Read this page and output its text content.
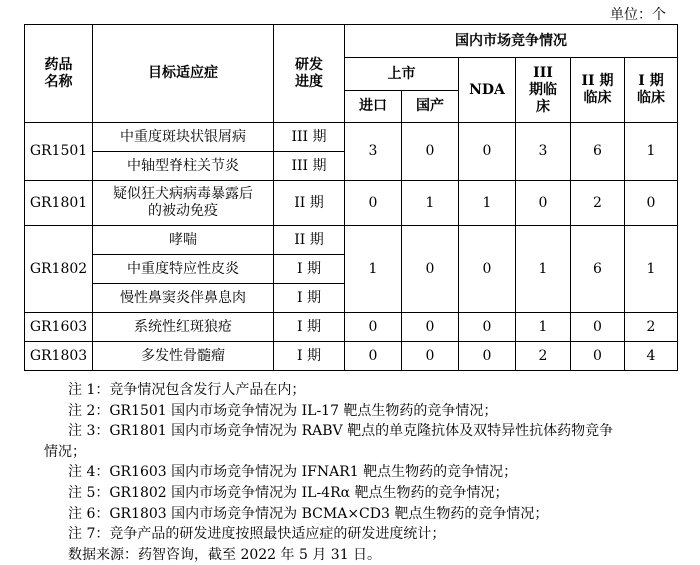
单位：个
药品名称	目标适应症	研发进度	国内市场竞争情况					
			上市		NDA	III 期临床	II 期临床	I 期临床
			进口	国产				
GR1501	中重度斑块状银屑病	III 期	3	0	0	3	6	1
	中轴型脊柱关节炎	III 期						
GR1801	疑似狂犬病病毒暴露后的被动免疫	II 期	0	1	1	0	2	0
GR1802	哮喘	II 期	1	0	0	1	6	1
	中重度特应性皮炎	I 期						
	慢性鼻窦炎伴鼻息肉	I 期						
GR1603	系统性红斑狼疮	I 期	0	0	0	1	0	2
GR1803	多发性骨髓瘤	I 期	0	0	0	2	0	4

注 1：竞争情况包含发行人产品在内；

注 2：GR1501 国内市场竞争情况为 IL-17 靶点生物药的竞争情况；

注 3：GR1801 国内市场竞争情况为 RABV 靶点的单克隆抗体及双特异性抗体药物竞争

情况；

注 4：GR1603 国内市场竞争情况为 IFNAR1 靶点生物药的竞争情况；

注 5：GR1802 国内市场竞争情况为 IL-4Rα 靶点生物药的竞争情况；

注 6：GR1803 国内市场竞争情况为 BCMA×CD3 靶点生物药的竞争情况；

注 7：竞争产品的研发进度按照最快适应症的研发进度统计；

数据来源：药智咨询，截至 2022 年 5 月 31 日。
